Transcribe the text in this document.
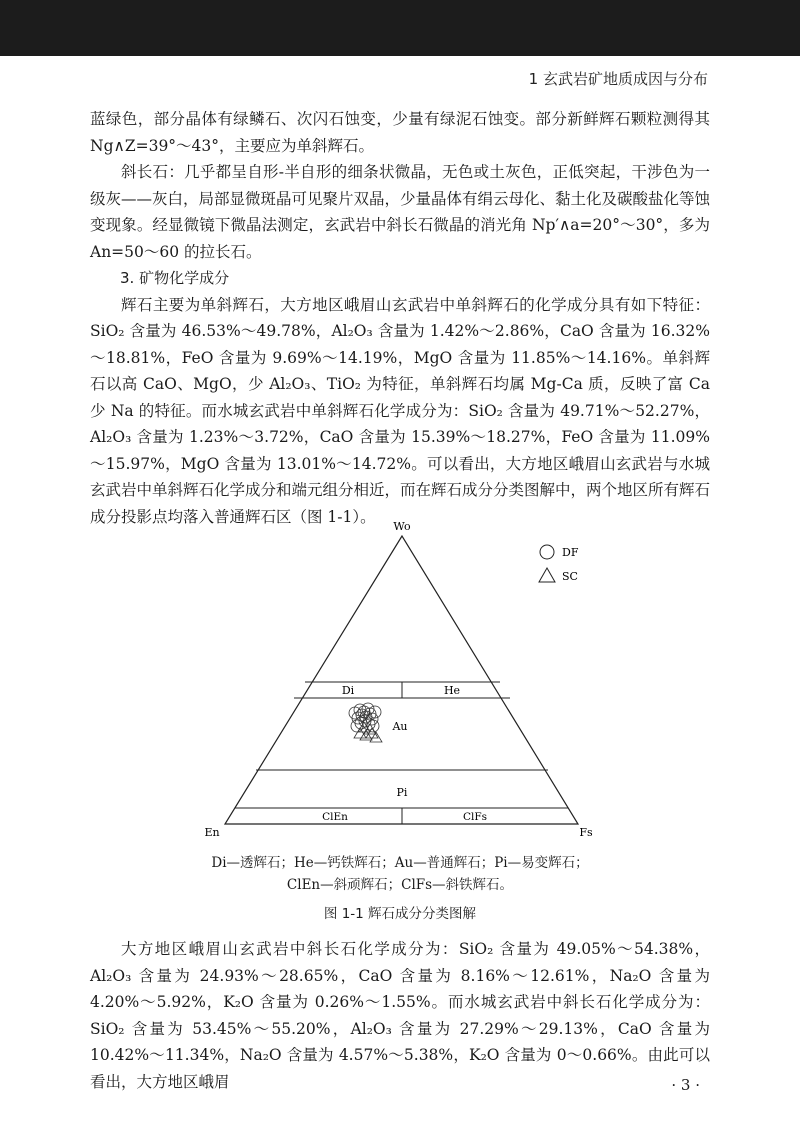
1 玄武岩矿地质成因与分布

蓝绿色，部分晶体有绿鳞石、次闪石蚀变，少量有绿泥石蚀变。部分新鲜辉石颗粒测得其 Ng∧Z=39°～43°，主要应为单斜辉石。

斜长石：几乎都呈自形-半自形的细条状微晶，无色或土灰色，正低突起，干涉色为一级灰——灰白，局部显微斑晶可见聚片双晶，少量晶体有绢云母化、黏土化及碳酸盐化等蚀变现象。经显微镜下微晶法测定，玄武岩中斜长石微晶的消光角 Np′∧a=20°～30°，多为 An=50～60 的拉长石。

3. 矿物化学成分

辉石主要为单斜辉石，大方地区峨眉山玄武岩中单斜辉石的化学成分具有如下特征：SiO₂ 含量为 46.53%～49.78%，Al₂O₃ 含量为 1.42%～2.86%，CaO 含量为 16.32%～18.81%，FeO 含量为 9.69%～14.19%，MgO 含量为 11.85%～14.16%。单斜辉石以高 CaO、MgO，少 Al₂O₃、TiO₂ 为特征，单斜辉石均属 Mg-Ca 质，反映了富 Ca 少 Na 的特征。而水城玄武岩中单斜辉石化学成分为：SiO₂ 含量为 49.71%～52.27%，Al₂O₃ 含量为 1.23%～3.72%，CaO 含量为 15.39%～18.27%，FeO 含量为 11.09%～15.97%，MgO 含量为 13.01%～14.72%。可以看出，大方地区峨眉山玄武岩与水城玄武岩中单斜辉石化学成分和端元组分相近，而在辉石成分分类图解中，两个地区所有辉石成分投影点均落入普通辉石区（图 1-1）。

Wo
En	Fs
Di	He
Au
Pi
ClEn	ClFs
DF
SC
Di—透辉石；He—钙铁辉石；Au—普通辉石；Pi—易变辉石；
ClEn—斜顽辉石；ClFs—斜铁辉石。
图 1-1 辉石成分分类图解

大方地区峨眉山玄武岩中斜长石化学成分为：SiO₂ 含量为 49.05%～54.38%，Al₂O₃ 含量为 24.93%～28.65%，CaO 含量为 8.16%～12.61%，Na₂O 含量为 4.20%～5.92%，K₂O 含量为 0.26%～1.55%。而水城玄武岩中斜长石化学成分为：SiO₂ 含量为 53.45%～55.20%，Al₂O₃ 含量为 27.29%～29.13%，CaO 含量为 10.42%～11.34%，Na₂O 含量为 4.57%～5.38%，K₂O 含量为 0～0.66%。由此可以看出，大方地区峨眉	· 3 ·
